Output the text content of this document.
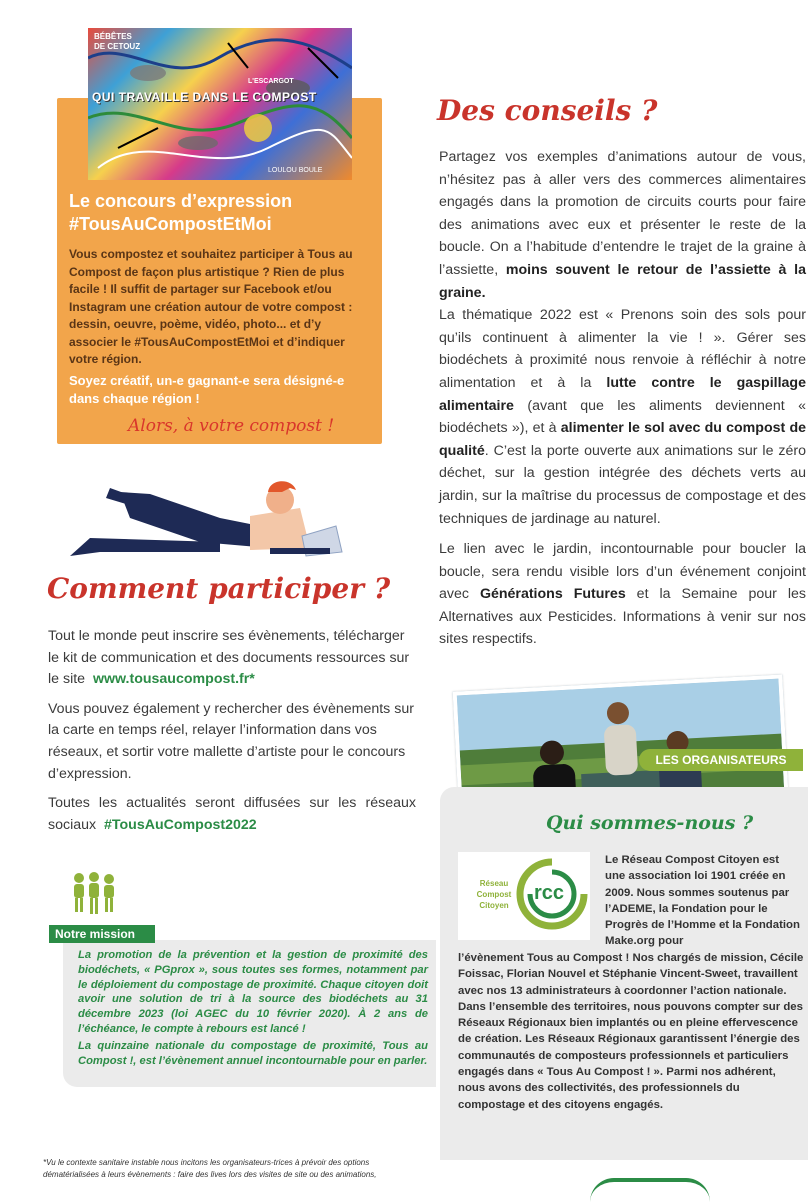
BÉBÊTES
DE CETOUZ
QUI TRAVAILLE DANS LE COMPOST
L'ESCARGOT
LOULOU BOULE
Le concours d’expression
#TousAuCompostEtMoi
Vous compostez et souhaitez participer à Tous au Compost de façon plus artistique ? Rien de plus facile ! Il suffit de partager sur Facebook et/ou Instagram une création autour de votre compost : dessin, oeuvre, poème, vidéo, photo... et d’y associer le #TousAuCompostEtMoi et d’indiquer votre région.
Soyez créatif, un-e gagnant-e sera désigné-e dans chaque région !
Alors, à votre compost !
Des conseils ?
Comment participer ?

Partagez vos exemples d’animations autour de vous, n’hésitez pas à aller vers des commerces alimentaires engagés dans la promotion de circuits courts pour faire des animations avec eux et présenter le reste de la boucle. On a l’habitude d’entendre le trajet de la graine à l’assiette, moins souvent le retour de l’assiette à la graine.

La thématique 2022 est « Prenons soin des sols pour qu’ils continuent à alimenter la vie ! ». Gérer ses biodéchets à proximité nous renvoie à réfléchir à notre alimentation et à la lutte contre le gaspillage alimentaire (avant que les aliments deviennent « biodéchets »), et à alimenter le sol avec du compost de qualité. C’est la porte ouverte aux animations sur le zéro déchet, sur la gestion intégrée des déchets verts au jardin, sur la maîtrise du processus de compostage et des techniques de jardinage au naturel.

Le lien avec le jardin, incontournable pour boucler la boucle, sera rendu visible lors d’un événement conjoint avec Générations Futures et la Semaine pour les Alternatives aux Pesticides. Informations à venir sur nos sites respectifs.

Tout le monde peut inscrire ses évènements, télécharger le kit de communication et des documents ressources sur le site www.tousaucompost.fr*

Vous pouvez également y rechercher des évènements sur la carte en temps réel, relayer l’information dans vos réseaux, et sortir votre mallette d’artiste pour le concours d’expression.

Toutes les actualités seront diffusées sur les réseaux sociaux #TousAuCompost2022

Notre mission

La promotion de la prévention et la gestion de proximité des biodéchets, « PGprox », sous toutes ses formes, notamment par le déploiement du compostage de proximité. Chaque citoyen doit avoir une solution de tri à la source des biodéchets au 31 décembre 2023 (loi AGEC du 10 février 2020). À 2 ans de l’échéance, le compte à rebours est lancé !

La quinzaine nationale du compostage de proximité, Tous au Compost !, est l’évènement annuel incontournable pour en parler.

LES ORGANISATEURS
Qui sommes-nous ?
Réseau Compost Citoyen
rcc
Le Réseau Compost Citoyen est une association loi 1901 créée en 2009. Nous sommes soutenus par l’ADEME, la Fondation pour le Progrès de l’Homme et la Fondation Make.org pour
l’évènement Tous au Compost ! Nos chargés de mission, Cécile Foissac, Florian Nouvel et Stéphanie Vincent-Sweet, travaillent avec nos 13 administrateurs à coordonner l’action nationale. Dans l’ensemble des territoires, nous pouvons compter sur des Réseaux Régionaux bien implantés ou en pleine effervescence de création. Les Réseaux Régionaux garantissent l’énergie des communautés de composteurs professionnels et particuliers engagés dans « Tous Au Compost ! ». Parmi nos adhérent, nous avons des collectivités, des professionnels du compostage et des citoyens engagés.
*Vu le contexte sanitaire instable nous incitons les organisateurs-trices à prévoir des options dématérialisées à leurs évènements : faire des lives lors des visites de site ou des animations,
